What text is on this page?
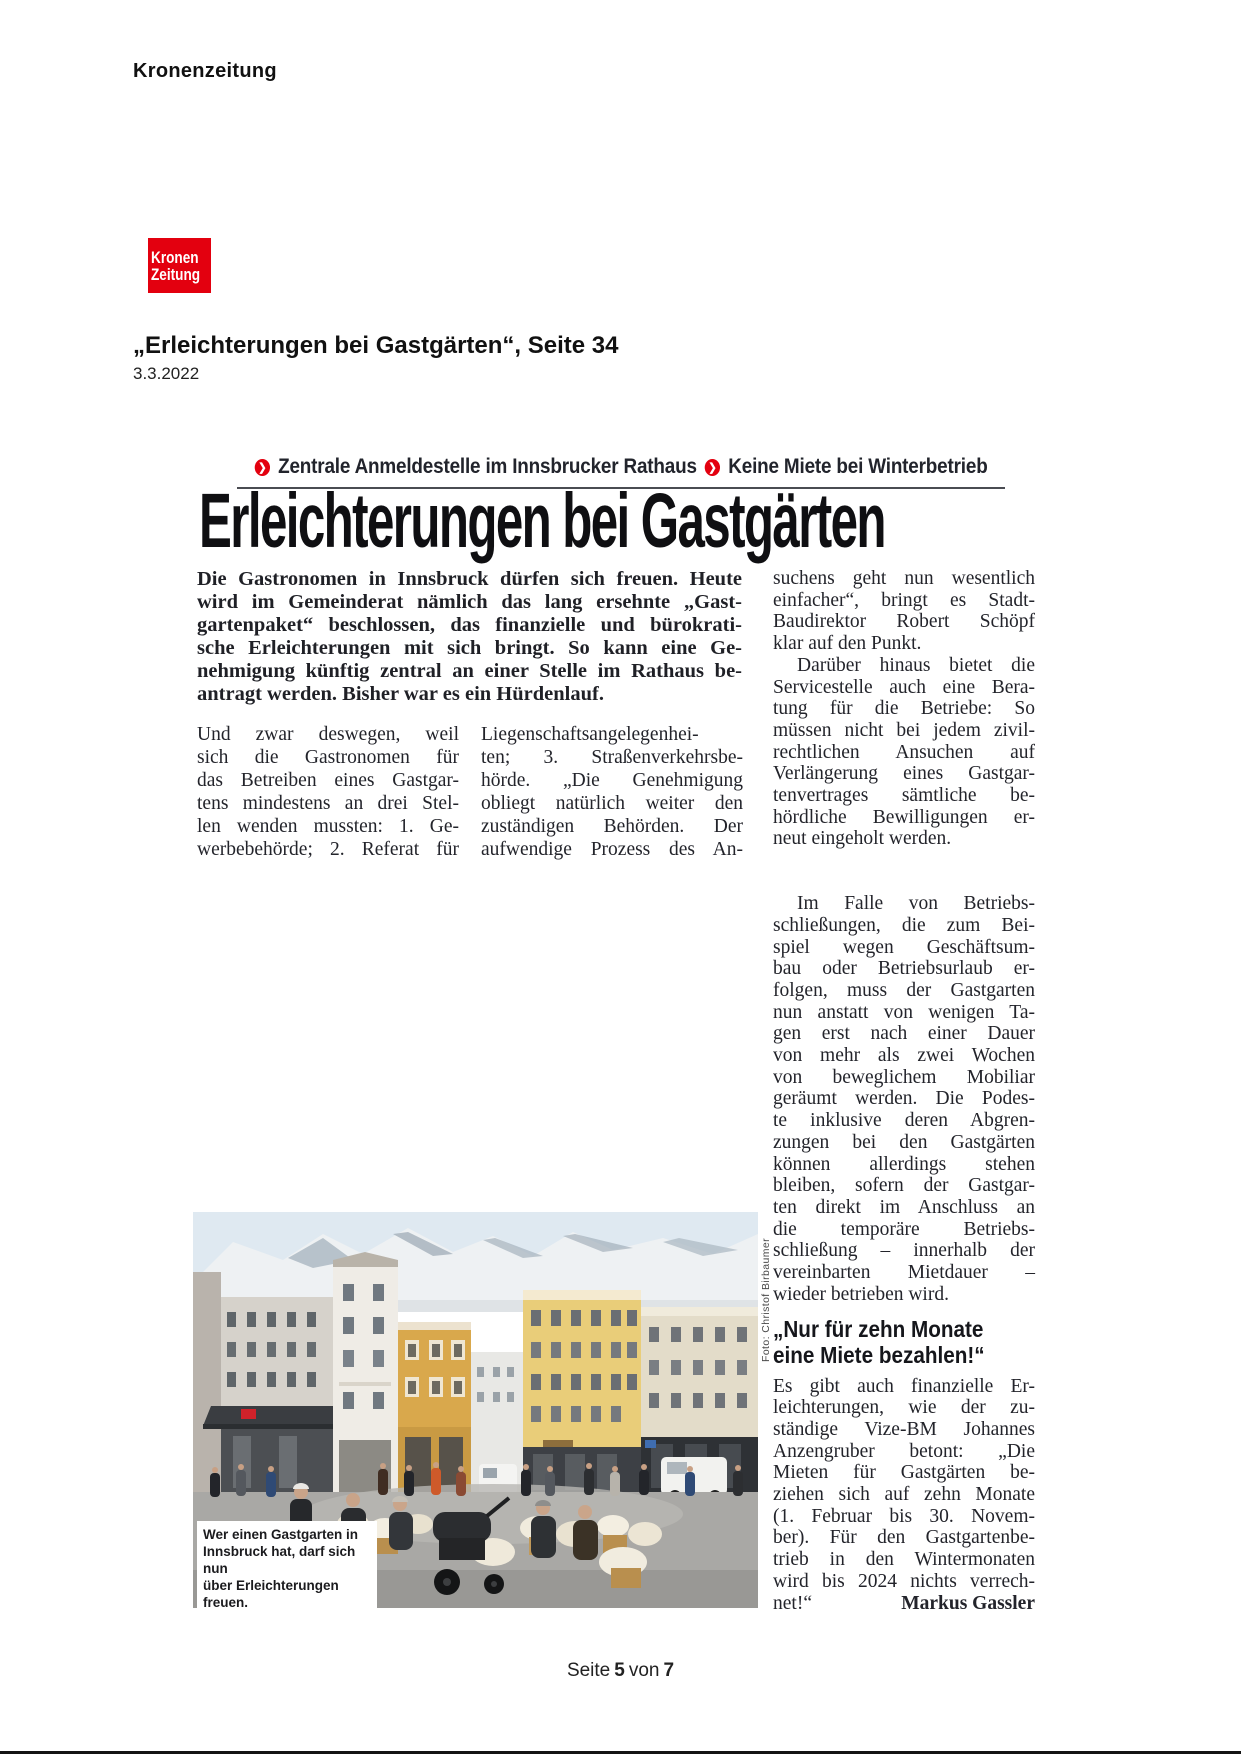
Kronenzeitung
Kronen
Zeitung
„Erleichterungen bei Gastgärten“, Seite 34
3.3.2022
❯ Zentrale Anmeldestelle im Innsbrucker Rathaus	❯ Keine Miete bei Winterbetrieb
Erleichterungen bei Gastgärten
Die Gastronomen in Innsbruck dürfen sich freuen. Heute
wird im Gemeinderat nämlich das lang ersehnte „Gast-
gartenpaket“ beschlossen, das finanzielle und bürokrati-
sche Erleichterungen mit sich bringt. So kann eine Ge-
nehmigung künftig zentral an einer Stelle im Rathaus be-
antragt werden. Bisher war es ein Hürdenlauf.
Und zwar deswegen, weil
sich die Gastronomen für
das Betreiben eines Gastgar-
tens mindestens an drei Stel-
len wenden mussten: 1. Ge-
werbebehörde; 2. Referat für
Liegenschaftsangelegenhei-
ten; 3. Straßenverkehrsbe-
hörde. „Die Genehmigung
obliegt natürlich weiter den
zuständigen Behörden. Der
aufwendige Prozess des An-
suchens geht nun wesentlich
einfacher“, bringt es Stadt-
Baudirektor Robert Schöpf
klar auf den Punkt.
Darüber hinaus bietet die
Servicestelle auch eine Bera-
tung für die Betriebe: So
müssen nicht bei jedem zivil-
rechtlichen Ansuchen auf
Verlängerung eines Gastgar-
tenvertrages sämtliche be-
hördliche Bewilligungen er-
neut eingeholt werden.
Im Falle von Betriebs-
schließungen, die zum Bei-
spiel wegen Geschäftsum-
bau oder Betriebsurlaub er-
folgen, muss der Gastgarten
nun anstatt von wenigen Ta-
gen erst nach einer Dauer
von mehr als zwei Wochen
von beweglichem Mobiliar
geräumt werden. Die Podes-
te inklusive deren Abgren-
zungen bei den Gastgärten
können allerdings stehen
bleiben, sofern der Gastgar-
ten direkt im Anschluss an
die temporäre Betriebs-
schließung – innerhalb der
vereinbarten Mietdauer –
wieder betrieben wird.
„Nur für zehn Monate
eine Miete bezahlen!“
Es gibt auch finanzielle Er-
leichterungen, wie der zu-
ständige Vize-BM Johannes
Anzengruber betont: „Die
Mieten für Gastgärten be-
ziehen sich auf zehn Monate
(1. Februar bis 30. Novem-
ber). Für den Gastgartenbe-
trieb in den Wintermonaten
wird bis 2024 nichts verrech-
net!“	Markus Gassler
Foto: Christof Birbaumer
Wer einen Gastgarten in
Innsbruck hat, darf sich nun
über Erleichterungen freuen.
Seite 5 von 7
